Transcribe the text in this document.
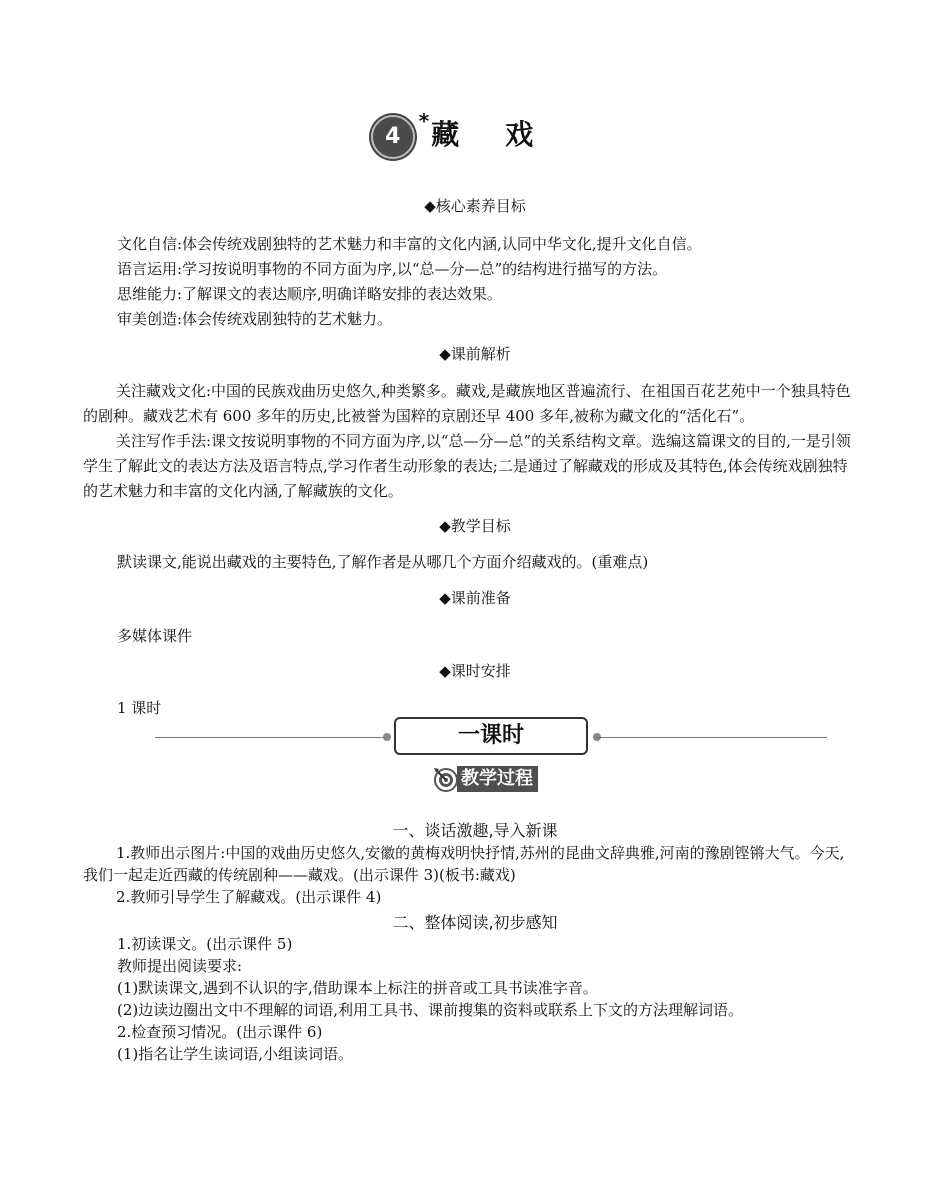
4
* 藏戏
◆核心素养目标

文化自信:体会传统戏剧独特的艺术魅力和丰富的文化内涵,认同中华文化,提升文化自信。

语言运用:学习按说明事物的不同方面为序,以“总—分—总”的结构进行描写的方法。

思维能力:了解课文的表达顺序,明确详略安排的表达效果。

审美创造:体会传统戏剧独特的艺术魅力。

◆课前解析

关注藏戏文化:中国的民族戏曲历史悠久,种类繁多。藏戏,是藏族地区普遍流行、在祖国百花艺苑中一个独具特色的剧种。藏戏艺术有 600 多年的历史,比被誉为国粹的京剧还早 400 多年,被称为藏文化的“活化石”。

关注写作手法:课文按说明事物的不同方面为序,以“总—分—总”的关系结构文章。选编这篇课文的目的,一是引领学生了解此文的表达方法及语言特点,学习作者生动形象的表达;二是通过了解藏戏的形成及其特色,体会传统戏剧独特的艺术魅力和丰富的文化内涵,了解藏族的文化。

◆教学目标

默读课文,能说出藏戏的主要特色,了解作者是从哪几个方面介绍藏戏的。(重难点)

◆课前准备

多媒体课件

◆课时安排

1 课时

一课时
教学过程
一、谈话激趣,导入新课

1.教师出示图片:中国的戏曲历史悠久,安徽的黄梅戏明快抒情,苏州的昆曲文辞典雅,河南的豫剧铿锵大气。今天,我们一起走近西藏的传统剧种——藏戏。(出示课件 3)(板书:藏戏)

2.教师引导学生了解藏戏。(出示课件 4)

二、整体阅读,初步感知

1.初读课文。(出示课件 5)

教师提出阅读要求:

(1)默读课文,遇到不认识的字,借助课本上标注的拼音或工具书读准字音。

(2)边读边圈出文中不理解的词语,利用工具书、课前搜集的资料或联系上下文的方法理解词语。

2.检查预习情况。(出示课件 6)

(1)指名让学生读词语,小组读词语。
